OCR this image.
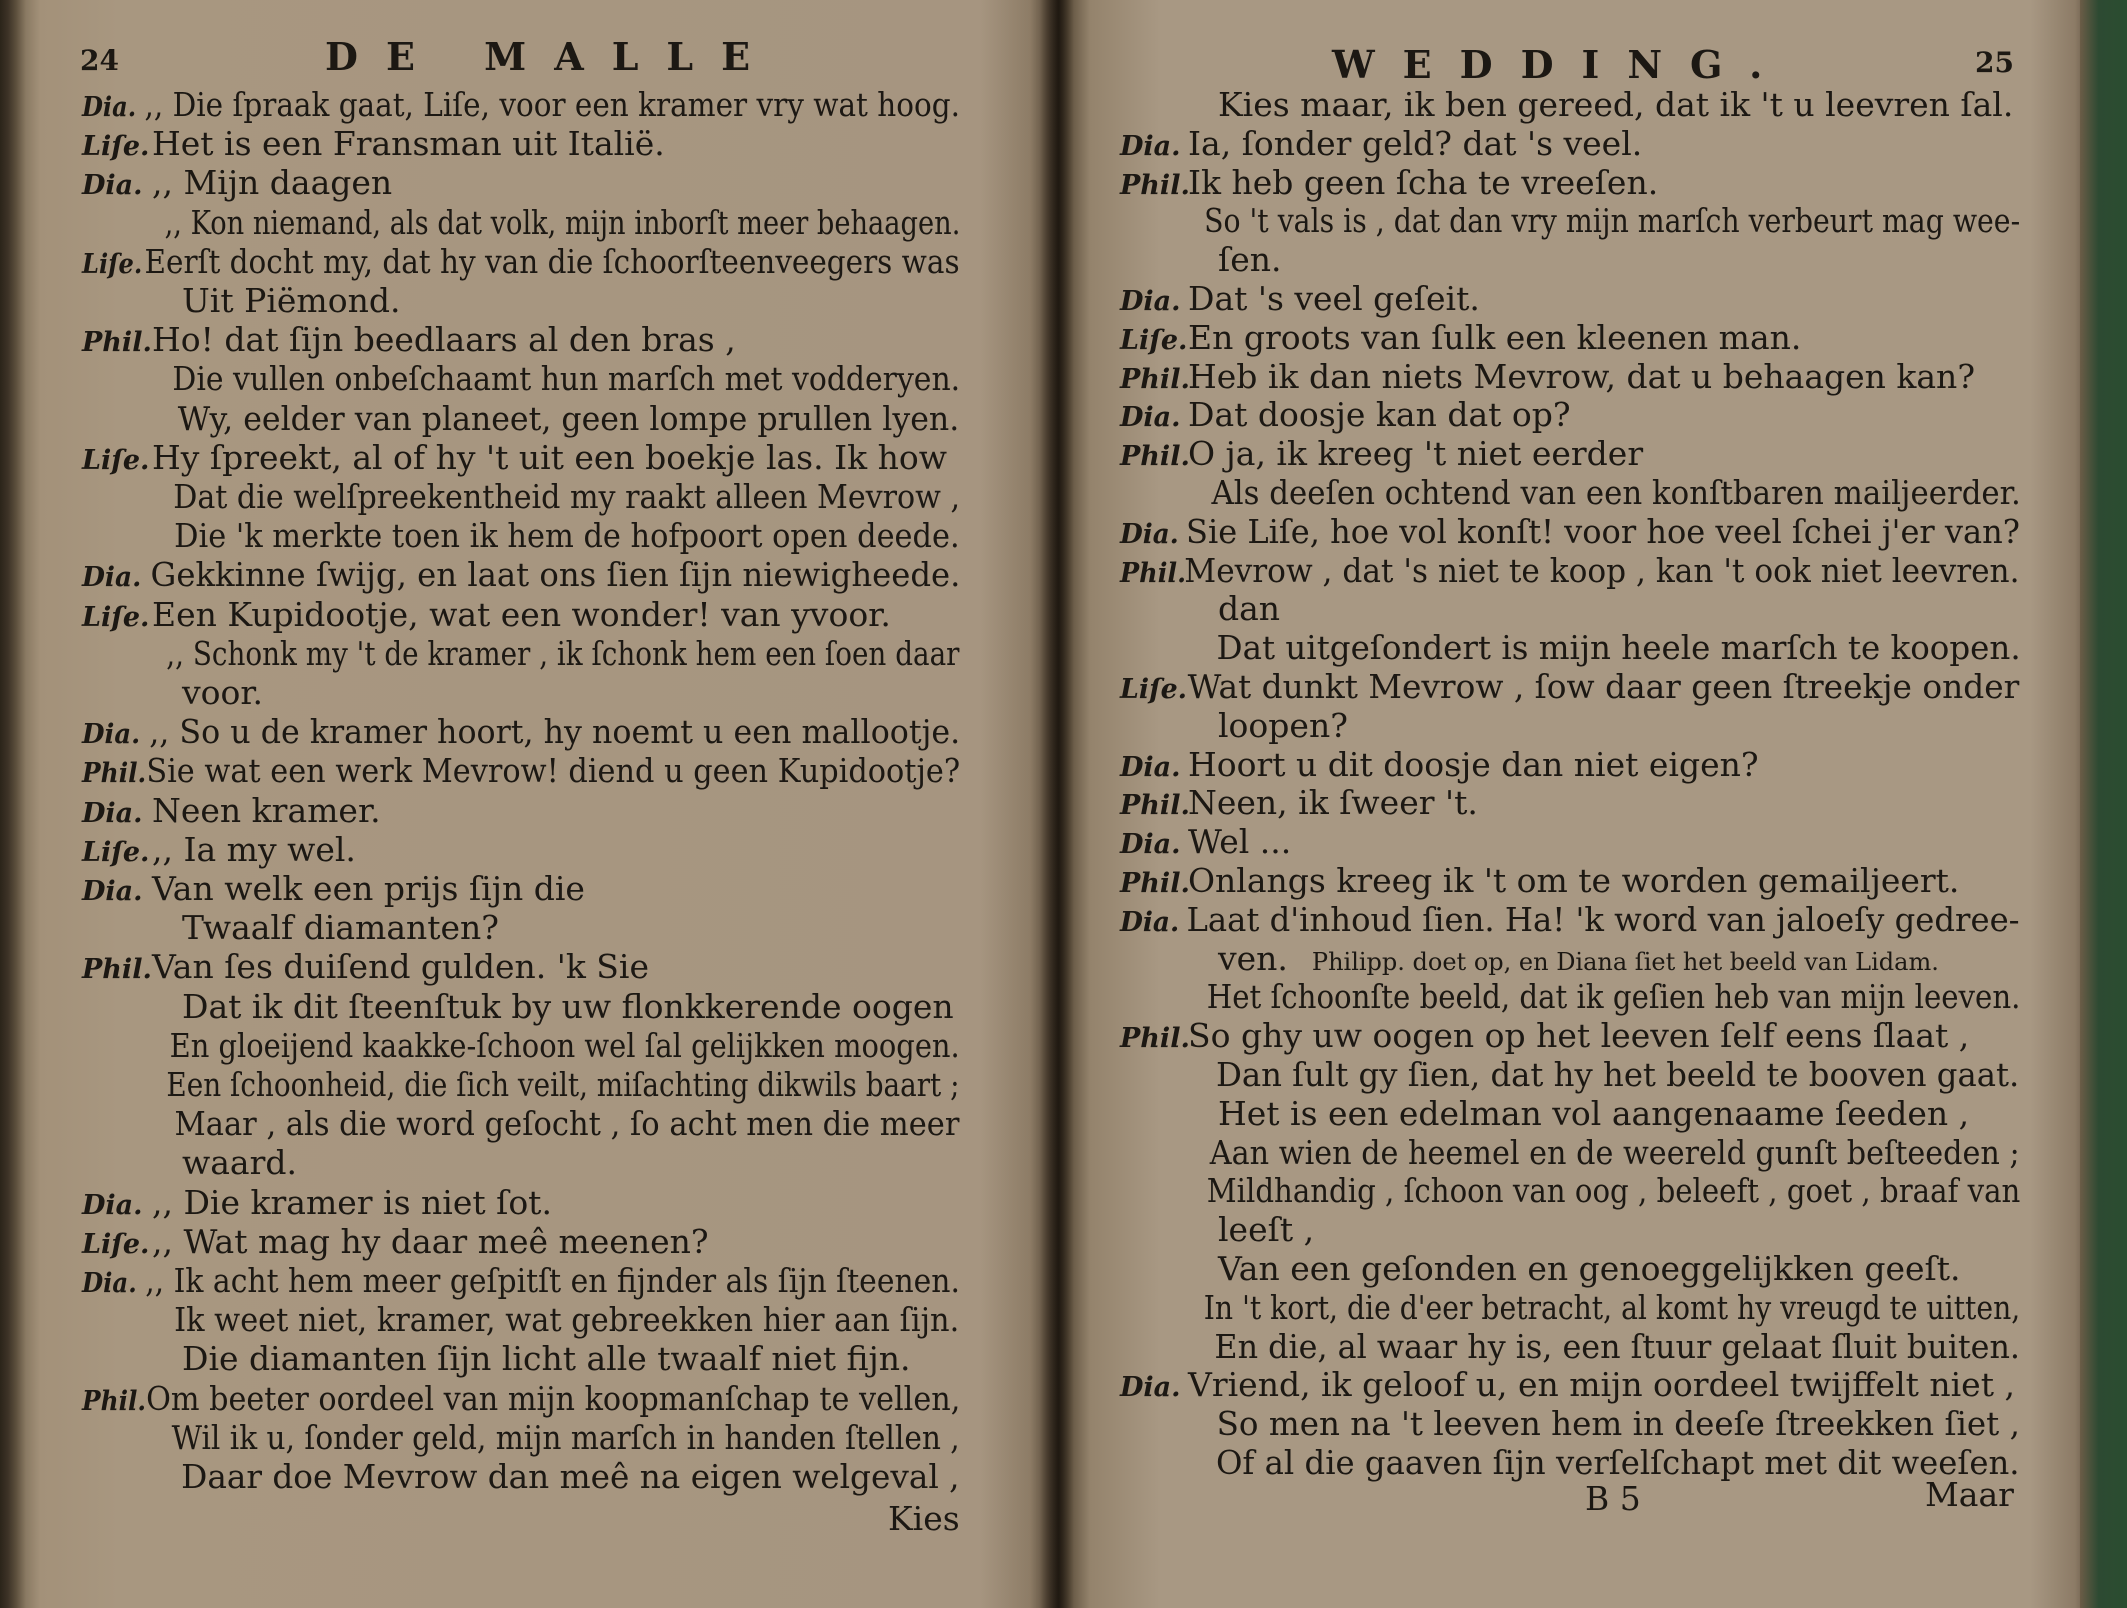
24	DE MALLE
Dia. ,, Die ſpraak gaat, Liſe, voor een kramer vry wat hoog.
Liſe.Het is een Fransman uit Italië.
Dia. ,, Mijn daagen
,, Kon niemand, als dat volk, mijn inborſt meer behaagen.
Liſe.Eerſt docht my, dat hy van die ſchoorſteenveegers was
Uit Piëmond.
Phil.Ho! dat ſijn beedlaars al den bras ,
Die vullen onbeſchaamt hun marſch met vodderyen.
Wy, eelder van planeet, geen lompe prullen lyen.
Liſe.Hy ſpreekt, al of hy 't uit een boekje las. Ik how
Dat die welſpreekentheid my raakt alleen Mevrow ,
Die 'k merkte toen ik hem de hofpoort open deede.
Dia. Gekkinne ſwijg, en laat ons ſien ſijn niewigheede.
Liſe.Een Kupidootje, wat een wonder! van yvoor.
,, Schonk my 't de kramer , ik ſchonk hem een ſoen daar
voor.
Dia. ,, So u de kramer hoort, hy noemt u een mallootje.
Phil.Sie wat een werk Mevrow! diend u geen Kupidootje?
Dia. Neen kramer.
Liſe.,, Ia my wel.
Dia. Van welk een prijs ſijn die
Twaalf diamanten?
Phil.Van ſes duiſend gulden. 'k Sie
Dat ik dit ſteenſtuk by uw flonkkerende oogen
En gloeijend kaakke-ſchoon wel ſal gelijkken moogen.
Een ſchoonheid, die ſich veilt, miſachting dikwils baart ;
Maar , als die word geſocht , ſo acht men die meer
waard.
Dia. ,, Die kramer is niet ſot.
Liſe.,, Wat mag hy daar meê meenen?
Dia. ,, Ik acht hem meer geſpitſt en fijnder als ſijn ſteenen.
Ik weet niet, kramer, wat gebreekken hier aan ſijn.
Die diamanten ſijn licht alle twaalf niet fijn.
Phil.Om beeter oordeel van mijn koopmanſchap te vellen,
Wil ik u, ſonder geld, mijn marſch in handen ſtellen ,
Daar doe Mevrow dan meê na eigen welgeval ,
Kies
WEDDING.	25
Kies maar, ik ben gereed, dat ik 't u leevren ſal.
Dia. Ia, ſonder geld? dat 's veel.
Phil.Ik heb geen ſcha te vreeſen.
So 't vals is , dat dan vry mijn marſch verbeurt mag wee-
ſen.
Dia. Dat 's veel geſeit.
Liſe.En groots van ſulk een kleenen man.
Phil.Heb ik dan niets Mevrow, dat u behaagen kan?
Dia. Dat doosje kan dat op?
Phil.O ja, ik kreeg 't niet eerder
Als deeſen ochtend van een konſtbaren mailjeerder.
Dia. Sie Liſe, hoe vol konſt! voor hoe veel ſchei j'er van?
Phil.Mevrow , dat 's niet te koop , kan 't ook niet leevren.
dan
Dat uitgeſondert is mijn heele marſch te koopen.
Liſe.Wat dunkt Mevrow , ſow daar geen ſtreekje onder
loopen?
Dia. Hoort u dit doosje dan niet eigen?
Phil.Neen, ik ſweer 't.
Dia. Wel ...
Phil.Onlangs kreeg ik 't om te worden gemailjeert.
Dia. Laat d'inhoud ſien. Ha! 'k word van jaloeſy gedree-
ven. Philipp. doet op, en Diana ſiet het beeld van Lidam.
Het ſchoonſte beeld, dat ik geſien heb van mijn leeven.
Phil.So ghy uw oogen op het leeven ſelf eens ſlaat ,
Dan ſult gy ſien, dat hy het beeld te booven gaat.
Het is een edelman vol aangenaame ſeeden ,
Aan wien de heemel en de weereld gunſt beſteeden ;
Mildhandig , ſchoon van oog , beleeft , goet , braaf van
leeſt ,
Van een geſonden en genoeggelijkken geeſt.
In 't kort, die d'eer betracht, al komt hy vreugd te uitten,
En die, al waar hy is, een ſtuur gelaat ſluit buiten.
Dia. Vriend, ik geloof u, en mijn oordeel twijffelt niet ,
So men na 't leeven hem in deeſe ſtreekken ſiet ,
Of al die gaaven ſijn verſelſchapt met dit weeſen.
B 5	Maar
